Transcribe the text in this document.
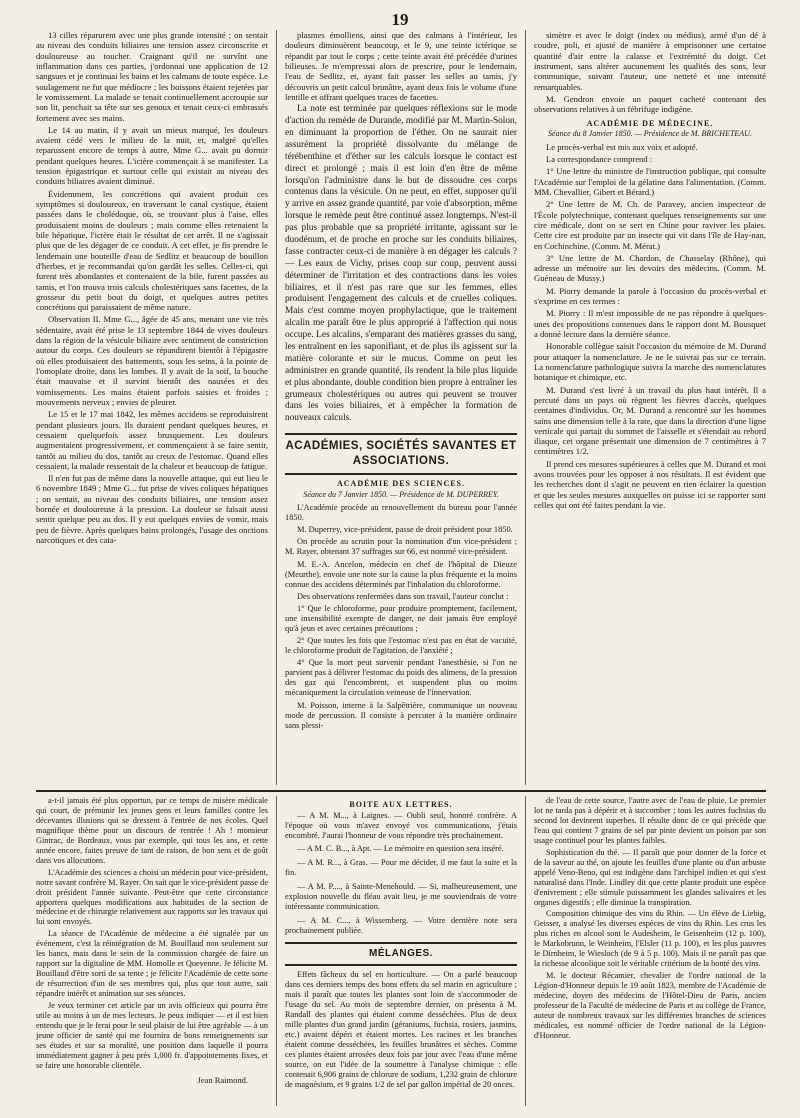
19

13 cilles réparurent avec une plus grande intensité ; on sentait au niveau des conduits biliaires une tension assez circonscrite et douloureuse au toucher. Craignant qu'il ne survînt une inflammation dans ces parties, j'ordonnai une application de 12 sangsues et je continuai les bains et les calmans de toute espèce. Le soulagement ne fut que médiocre ; les boissons étaient rejetées par le vomissement. La malade se tenait continuellement accroupie sur son lit, penchait sa tête sur ses genoux et tenait ceux-ci embrassés fortement avec ses mains.

Le 14 au matin, il y avait un mieux marqué, les douleurs avaient cédé vers le milieu de la nuit, et, malgré qu'elles reparussent encore de temps à autre, Mme G... avait pu dormir pendant quelques heures. L'ictère commençait à se manifester. La tension épigastrique et surtout celle qui existait au niveau des conduits biliaires avaient diminué.

Évidemment, les concrétions qui avaient produit ces symptômes si douloureux, en traversant le canal cystique, étaient passées dans le cholédoque, où, se trouvant plus à l'aise, elles produisaient moins de douleurs ; mais comme elles retenaient la bile hépatique, l'ictère était le résultat de cet arrêt. Il ne s'agissait plus que de les dégager de ce conduit. A cet effet, je fis prendre le lendemain une bouteille d'eau de Sedlitz et beaucoup de bouillon d'herbes, et je recommandai qu'on gardât les selles. Celles-ci, qui furent très abondantes et contenaient de la bile, furent passées au tamis, et l'on trouva trois calculs cholestériques sans facettes, de la grosseur du petit bout du doigt, et quelques autres petites concrétions qui paraissaient de même nature.

Observation II. Mme G..., âgée de 45 ans, menant une vie très sédentaire, avait été prise le 13 septembre 1844 de vives douleurs dans la région de la vésicule biliaire avec sentiment de constriction autour du corps. Ces douleurs se répandirent bientôt à l'épigastre où elles produisaient des battements, sous les seins, à la pointe de l'omoplate droite, dans les lombes. Il y avait de la soif, la bouche était mauvaise et il survint bientôt des nausées et des vomissements. Les mains étaient parfois saisies et froides ; mouvements nerveux ; envies de pleurer.

Le 15 et le 17 mai 1842, les mêmes accidens se reproduisirent pendant plusieurs jours. Ils duraient pendant quelques heures, et cessaient quelquefois assez brusquement. Les douleurs augmentaient progressivement, et commençaient à se faire sentir, tantôt au milieu du dos, tantôt au creux de l'estomac. Quand elles cessaient, la malade ressentait de la chaleur et beaucoup de fatigue.

Il n'en fut pas de même dans la nouvelle attaque, qui eut lieu le 6 novembre 1849 ; Mme G... fut prise de vives coliques hépatiques ; on sentait, au niveau des conduits biliaires, une tension assez bornée et douloureuse à la pression. La douleur se faisait aussi sentir quelque peu au dos. Il y eut quelques envies de vomir, mais peu de fièvre. Après quelques bains prolongés, l'usage des onctions narcotiques et des cata-

plasmes émolliens, ainsi que des calmans à l'intérieur, les douleurs diminuèrent beaucoup, et le 9, une teinte ictérique se répandit par tout le corps ; cette teinte avait été précédée d'urines bilieuses. Je m'empressai alors de prescrire, pour le lendemain, l'eau de Sedlitz, et, ayant fait passer les selles au tamis, j'y découvris un petit calcul brunâtre, ayant deux fois le volume d'une lentille et offrant quelques traces de facettes.

La note est terminée par quelques réflexions sur le mode d'action du remède de Durande, modifié par M. Martin-Solon, en diminuant la proportion de l'éther. On ne saurait nier assurément la propriété dissolvante du mélange de térébenthine et d'éther sur les calculs lorsque le contact est direct et prolongé ; mais il est loin d'en être de même lorsqu'on l'administre dans le but de dissoudre ces corps contenus dans la vésicule. On ne peut, en effet, supposer qu'il y arrive en assez grande quantité, par voie d'absorption, même lorsque le remède peut être continué assez longtemps. N'est-il pas plus probable que sa propriété irritante, agissant sur le duodénum, et de proche en proche sur les conduits biliaires, fasse contracter ceux-ci de manière à en dégager les calculs ? — Les eaux de Vichy, prises coup sur coup, peuvent aussi déterminer de l'irritation et des contractions dans les voies biliaires, et il n'est pas rare que sur les femmes, elles produisent l'engagement des calculs et de cruelles coliques. Mais c'est comme moyen prophylactique, que le traitement alcalin me paraît être le plus approprié à l'affection qui nous occupe. Les alcalins, s'emparant des matières grasses du sang, les entraînent en les saponifiant, et de plus ils agissent sur la matière colorante et sur le mucus. Comme on peut les administrer en grande quantité, ils rendent la bile plus liquide et plus abondante, double condition bien propre à entraîner les grumeaux cholestériques ou autres qui peuvent se trouver dans les voies biliaires, et à empêcher la formation de nouveaux calculs.

ACADÉMIES, SOCIÉTÉS SAVANTES ET ASSOCIATIONS.
ACADÉMIE DES SCIENCES.
Séance du 7 Janvier 1850. — Présidence de M. DUPERREY.

L'Académie procède au renouvellement du bureau pour l'année 1850.

M. Duperrey, vice-président, passe de droit président pour 1850.

On procède au scrutin pour la nomination d'un vice-président ; M. Rayer, obtenant 37 suffrages sur 66, est nommé vice-président.

M. E.-A. Ancelon, médecin en chef de l'hôpital de Dieuze (Meurthe), envoie une note sur la cause la plus fréquente et la moins connue des accidens déterminés par l'inhalation du chloroforme.

Des observations renfermées dans son travail, l'auteur conclut :

1° Que le chloroforme, pour produire promptement, facilement, une insensibilité exempte de danger, ne doit jamais être employé qu'à jeun et avec certaines précautions ;

2° Que toutes les fois que l'estomac n'est pas en état de vacuité, le chloroforme produit de l'agitation, de l'anxiété ;

4° Que la mort peut survenir pendant l'anesthésie, si l'on ne parvient pas à délivrer l'estomac du poids des alimens, de la pression des gaz qui l'encombrent, et suspendent plus ou moins mécaniquement la circulation veineuse de l'innervation.

M. Poisson, interne à la Salpêtrière, communique un nouveau mode de percussion. Il consiste à percuter à la manière ordinaire sans plessi-

simètre et avec le doigt (index ou médius), armé d'un dé à coudre, poli, et ajusté de manière à emprisonner une certaine quantité d'air entre la calasse et l'extrémité du doigt. Cet instrument, sans altérer aucunement les qualités des sons, leur communique, suivant l'auteur, une netteté et une intensité remarquables.

M. Gendron envoie un paquet cacheté contenant des observations relatives à un fébrifuge indigène.

ACADÉMIE DE MÉDECINE.
Séance du 8 Janvier 1850. — Présidence de M. BRICHETEAU.

Le procès-verbal est mis aux voix et adopté.

La correspondance comprend :

1° Une lettre du ministre de l'instruction publique, qui consulte l'Académie sur l'emploi de la gélatine dans l'alimentation. (Comm. MM. Chevallier, Gibert et Bérard.)

2° Une lettre de M. Ch. de Paravey, ancien inspecteur de l'École polytechnique, contenant quelques renseignements sur une cire médicale, dont on se sert en Chine pour raviver les plaies. Cette cire est produite par un insecte qui vit dans l'île de Hay-nan, en Cochinchine. (Comm. M. Mérat.)

3° Une lettre de M. Chardon, de Chasselay (Rhône), qui adresse un mémoire sur les devoirs des médecins. (Comm. M. Guéneau de Mussy.)

M. Piorry demande la parole à l'occasion du procès-verbal et s'exprime en ces termes :

M. Piorry : Il m'est impossible de ne pas répondre à quelques-unes des propositions contenues dans le rapport dont M. Bousquet a donné lecture dans la dernière séance.

Honorable collègue saisit l'occasion du mémoire de M. Durand pour attaquer la nomenclature. Je ne le suivrai pas sur ce terrain. La nomenclature pathologique suivra la marche des nomenclatures botanique et chimique, etc.

M. Durand s'est livré à un travail du plus haut intérêt. Il a percuté dans un pays où règnent les fièvres d'accès, quelques centaines d'individus. Or, M. Durand a rencontré sur les hommes sains une dimension telle à la rate, que dans la direction d'une ligne verticale qui partait du sommet de l'aisselle et s'étendait au rebord iliaque, cet organe présentait une dimension de 7 centimètres à 7 centimètres 1/2.

Il prend ces mesures supérieures à celles que M. Durand et moi avons trouvées pour les opposer à nos résultats. Il est évident que les recherches dont il s'agit ne peuvent en rien éclairer la question et que les seules mesures auxquelles on puisse ici se rapporter sont celles qui ont été faites pendant la vie.

a-t-il jamais été plus opportun, par ce temps de misère médicale qui court, de prémunir les jeunes gens et leurs familles contre les décevantes illusions qui se dressent à l'entrée de nos écoles. Quel magnifique thème pour un discours de rentrée ! Ah ! monsieur Gintrac, de Bordeaux, vous par exemple, qui tous les ans, et cette année encore, faites preuve de tant de raison, de bon sens et de goût dans vos allocutions.

L'Académie des sciences a choisi un médecin pour vice-président, notre savant confrère M. Rayer. On sait que le vice-président passe de droit président l'année suivante. Peut-être que cette circonstance apportera quelques modifications aux habitudes de la section de médecine et de chirurgie relativement aux rapports sur les travaux qui lui sont envoyés.

La séance de l'Académie de médecine a été signalée par un événement, c'est la réintégration de M. Bouillaud non seulement sur les bancs, mais dans le sein de la commission chargée de faire un rapport sur la digitaline de MM. Homolle et Quevenne. Je félicite M. Bouillaud d'être sorti de sa tente ; je félicite l'Académie de cette sorte de résurrection d'un de ses membres qui, plus que tout autre, sait répandre intérêt et animation sur ses séances.

Je veux terminer cet article par un avis officieux qui pourra être utile au moins à un de mes lecteurs. Je peux indiquer — et il est bien entendu que je le ferai pour le seul plaisir de lui être agréable — à un jeune officier de santé qui me fournira de bons renseignements sur ses études et sur sa moralité, une position dans laquelle il pourra immédiatement gagner à peu près 1,000 fr. d'appointements fixes, et se faire une honorable clientèle.

Jean Raimond.
BOITE AUX LETTRES.

— A M. M..., à Laignes. — Oubli seul, honoré confrère. A l'époque où vous m'avez envoyé vos communications, j'étais encombré. J'aurai l'honneur de vous répondre très prochainement.

— A M. C. B..., à Apt. — Le mémoire en question sera inséré.

— A M. R..., à Gras. — Pour me décider, il me faut la suite et la fin.

— A M. P...., à Sainte-Menehould. — Si, malheureusement, une explosion nouvelle du fléau avait lieu, je me souviendrais de votre intéressante communication.

— A M. C..., à Wissemberg. — Votre dernière note sera prochainement publiée.

MÉLANGES.

Effets fâcheux du sel en horticulture. — On a parlé beaucoup dans ces derniers temps des bons effets du sel marin en agriculture ; mais il paraît que toutes les plantes sont loin de s'accommoder de l'usage du sel. Au mois de septembre dernier, on présenta à M. Randall des plantes qui étaient comme desséchées. Plus de deux mille plantes d'un grand jardin (géraniums, fuchsia, rosiers, jasmins, etc.) avaient dépéri et étaient mortes. Les racines et les branches étaient comme desséchées, les feuilles brunâtres et sèches. Comme ces plantes étaient arrosées deux fois par jour avec l'eau d'une même source, on eut l'idée de la soumettre à l'analyse chimique : elle contenait 6,906 grains de chlorure de sodium, 1,232 grain de chlorure de magnésium, et 9 grains 1/2 de sel par gallon impérial de 20 onces.

de l'eau de cette source, l'autre avec de l'eau de pluie. Le premier lot ne tarda pas à dépérir et à succomber ; tous les autres fuchsias du second lot devinrent superbes. Il résulte donc de ce qui précède que l'eau qui contient 7 grains de sel par pinte devient un poison par son usage continuel pour les plantes faibles.

Sophistication du thé. — Il paraît que pour donner de la force et de la saveur au thé, on ajoute les feuilles d'une plante ou d'un arbuste appelé Veno-Beno, qui est indigène dans l'archipel indien et qui s'est naturalisé dans l'Inde. Lindley dit que cette plante produit une espèce d'enivrement ; elle stimule puissamment les glandes salivaires et les organes digestifs ; elle diminue la transpiration.

Composition chimique des vins du Rhin. — Un élève de Liebig, Geisser, a analysé les diverses espèces de vins du Rhin. Les crus les plus riches en alcool sont le Audesheim, le Geisenheim (12 p. 100), le Markobrunn, le Weinheim, l'Elsler (11 p. 100), et les plus pauvres le Dirnheim, le Wiesloch (de 9 à 5 p. 100). Mais il ne paraît pas que la richesse alcoolique soit le véritable critérium de la bonté des vins.

M. le docteur Récamier, chevalier de l'ordre national de la Légion-d'Honneur depuis le 19 août 1823, membre de l'Académie de médecine, doyen des médecins de l'Hôtel-Dieu de Paris, ancien professeur de la Faculté de médecine de Paris et au collège de France, auteur de nombreux travaux sur les différentes branches de sciences médicales, est nommé officier de l'ordre national de la Légion-d'Honneur.
